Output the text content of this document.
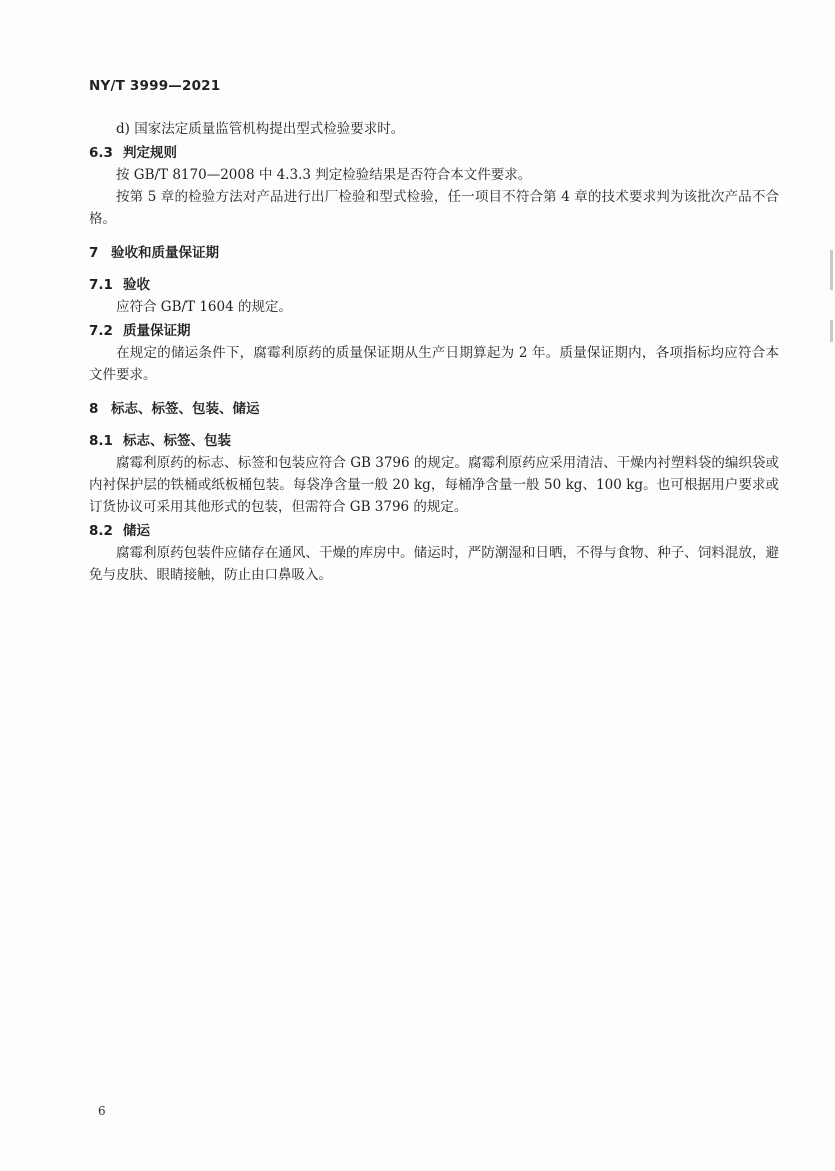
NY/T 3999—2021
d) 国家法定质量监管机构提出型式检验要求时。
6.3 判定规则
按 GB/T 8170—2008 中 4.3.3 判定检验结果是否符合本文件要求。
按第 5 章的检验方法对产品进行出厂检验和型式检验，任一项目不符合第 4 章的技术要求判为该批次产品不合格。
7 验收和质量保证期
7.1 验收
应符合 GB/T 1604 的规定。
7.2 质量保证期
在规定的储运条件下，腐霉利原药的质量保证期从生产日期算起为 2 年。质量保证期内，各项指标均应符合本文件要求。
8 标志、标签、包装、储运
8.1 标志、标签、包装
腐霉利原药的标志、标签和包装应符合 GB 3796 的规定。腐霉利原药应采用清洁、干燥内衬塑料袋的编织袋或内衬保护层的铁桶或纸板桶包装。每袋净含量一般 20 kg，每桶净含量一般 50 kg、100 kg。也可根据用户要求或订货协议可采用其他形式的包装，但需符合 GB 3796 的规定。
8.2 储运
腐霉利原药包装件应储存在通风、干燥的库房中。储运时，严防潮湿和日晒，不得与食物、种子、饲料混放，避免与皮肤、眼睛接触，防止由口鼻吸入。
6
